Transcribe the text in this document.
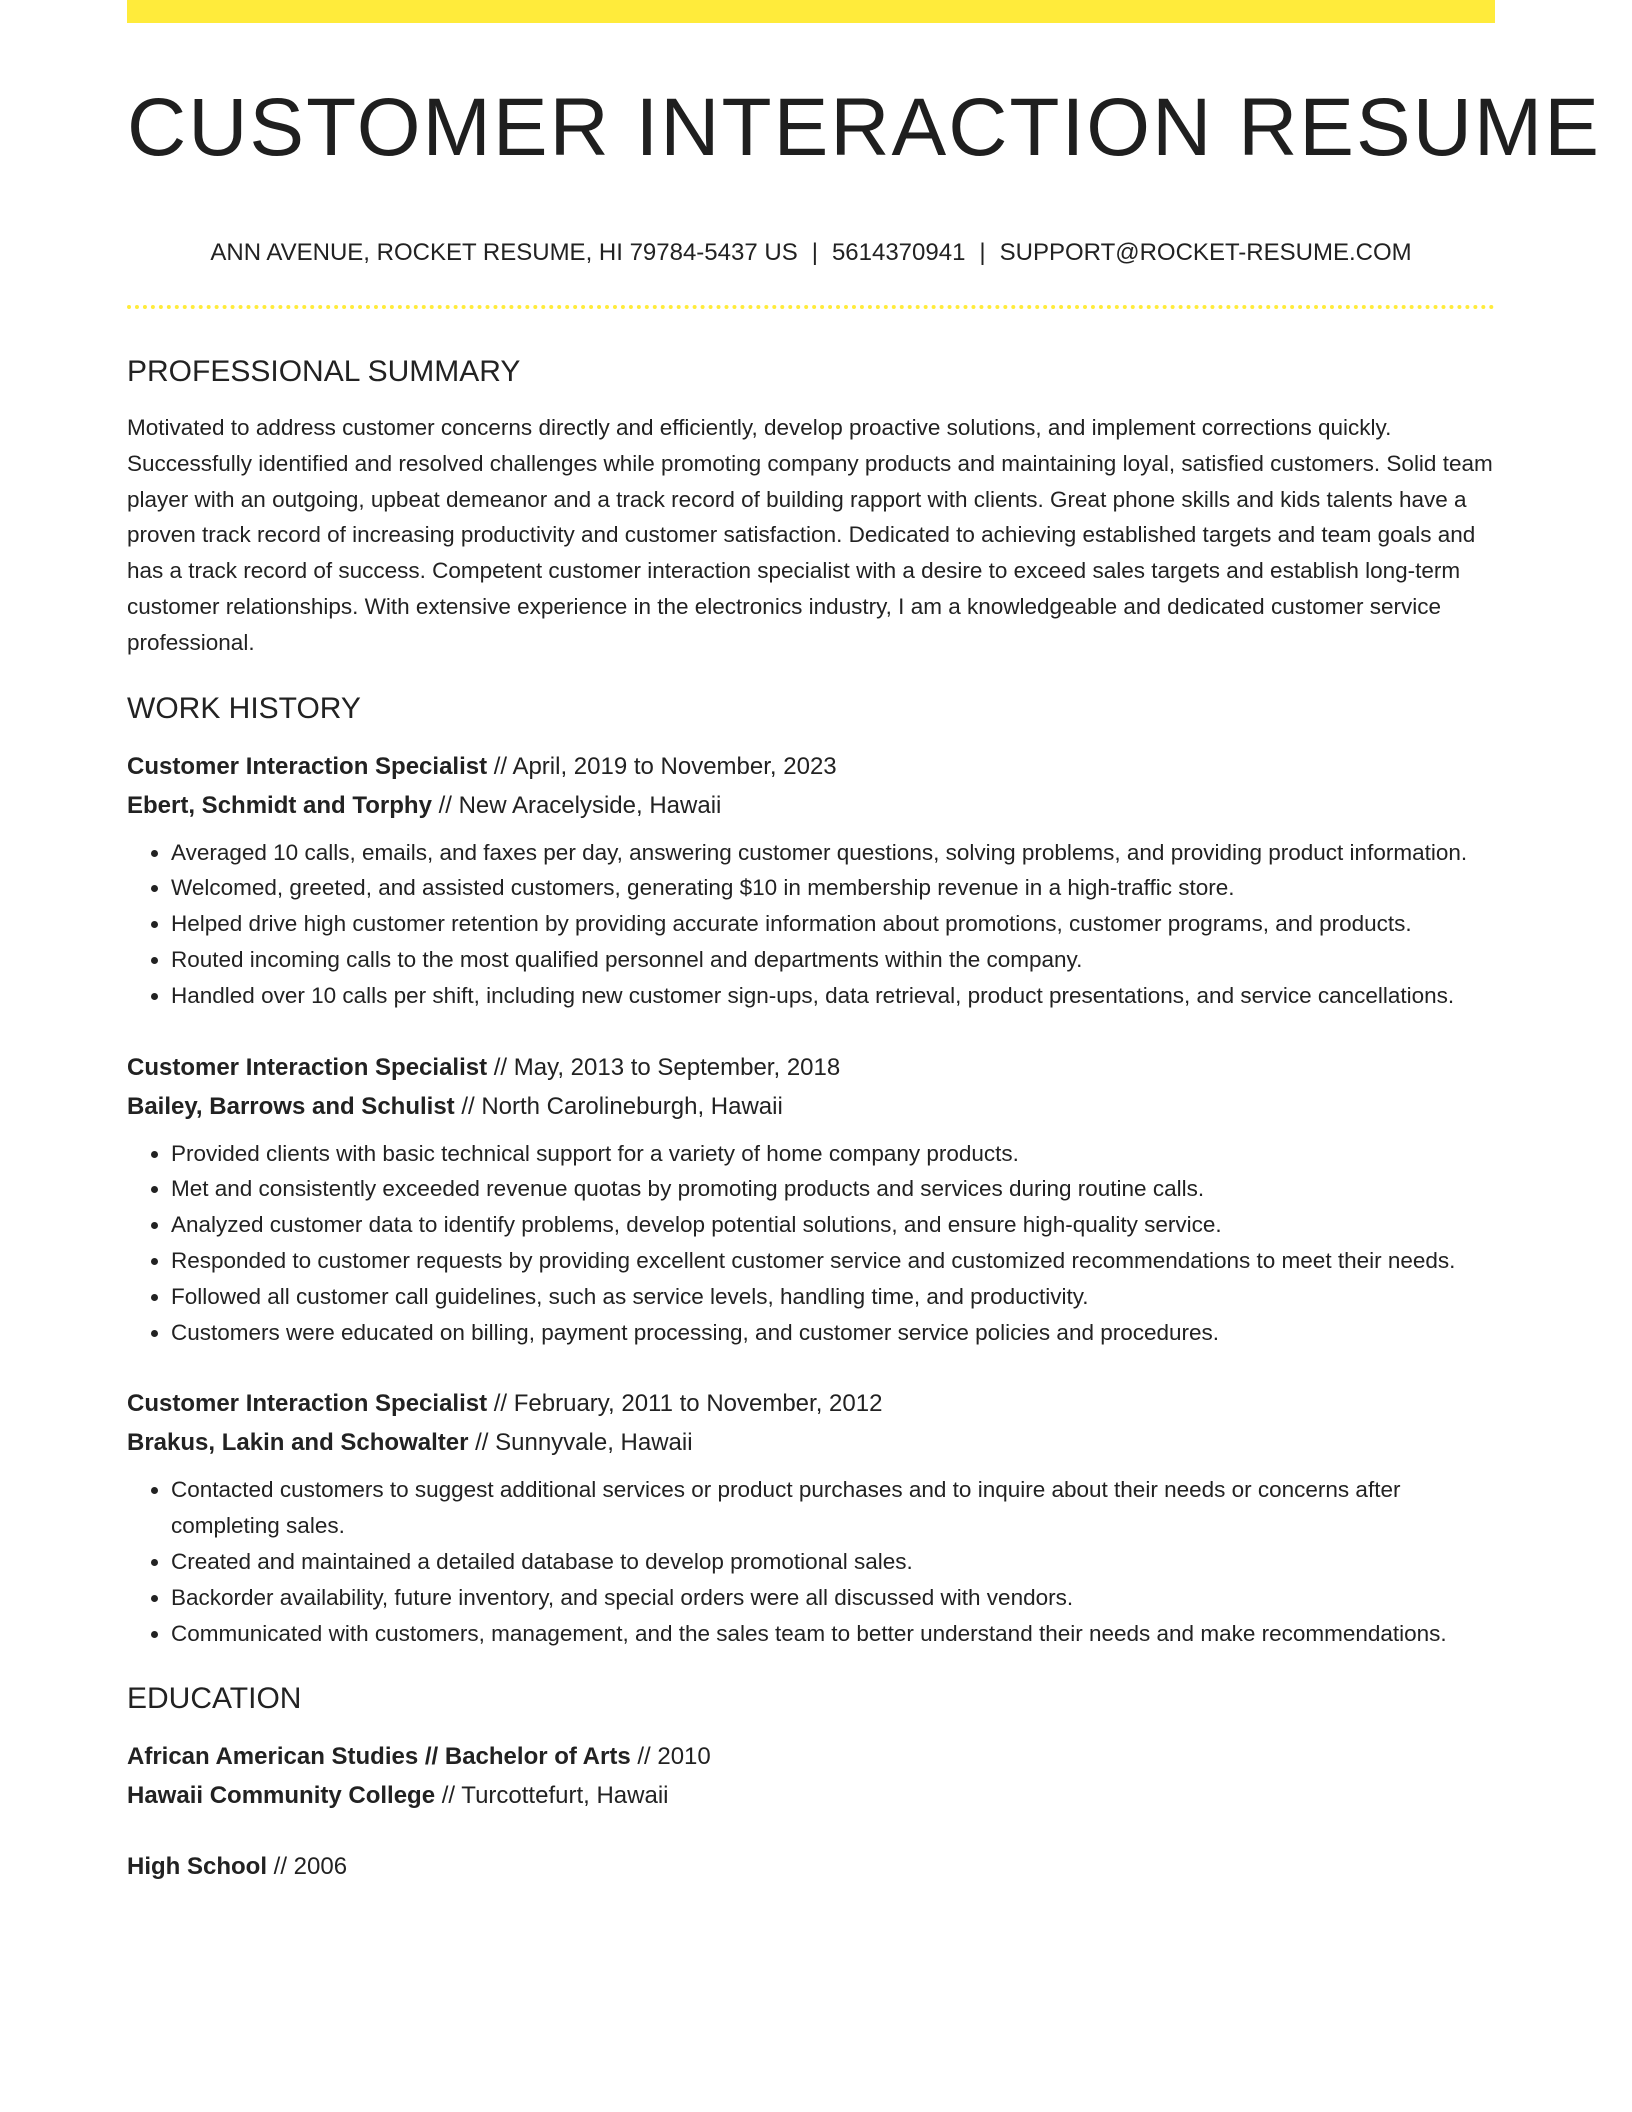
CUSTOMER INTERACTION RESUME
ANN AVENUE, ROCKET RESUME, HI 79784-5437 US | 5614370941 | SUPPORT@ROCKET-RESUME.COM
PROFESSIONAL SUMMARY

Motivated to address customer concerns directly and efficiently, develop proactive solutions, and implement corrections quickly. Successfully identified and resolved challenges while promoting company products and maintaining loyal, satisfied customers. Solid team player with an outgoing, upbeat demeanor and a track record of building rapport with clients. Great phone skills and kids talents have a proven track record of increasing productivity and customer satisfaction. Dedicated to achieving established targets and team goals and has a track record of success. Competent customer interaction specialist with a desire to exceed sales targets and establish long-term customer relationships. With extensive experience in the electronics industry, I am a knowledgeable and dedicated customer service professional.

WORK HISTORY
Customer Interaction Specialist // April, 2019 to November, 2023
Ebert, Schmidt and Torphy // New Aracelyside, Hawaii
• Averaged 10 calls, emails, and faxes per day, answering customer questions, solving problems, and providing product information.
• Welcomed, greeted, and assisted customers, generating $10 in membership revenue in a high-traffic store.
• Helped drive high customer retention by providing accurate information about promotions, customer programs, and products.
• Routed incoming calls to the most qualified personnel and departments within the company.
• Handled over 10 calls per shift, including new customer sign-ups, data retrieval, product presentations, and service cancellations.
Customer Interaction Specialist // May, 2013 to September, 2018
Bailey, Barrows and Schulist // North Carolineburgh, Hawaii
• Provided clients with basic technical support for a variety of home company products.
• Met and consistently exceeded revenue quotas by promoting products and services during routine calls.
• Analyzed customer data to identify problems, develop potential solutions, and ensure high-quality service.
• Responded to customer requests by providing excellent customer service and customized recommendations to meet their needs.
• Followed all customer call guidelines, such as service levels, handling time, and productivity.
• Customers were educated on billing, payment processing, and customer service policies and procedures.
Customer Interaction Specialist // February, 2011 to November, 2012
Brakus, Lakin and Schowalter // Sunnyvale, Hawaii
• Contacted customers to suggest additional services or product purchases and to inquire about their needs or concerns after completing sales.
• Created and maintained a detailed database to develop promotional sales.
• Backorder availability, future inventory, and special orders were all discussed with vendors.
• Communicated with customers, management, and the sales team to better understand their needs and make recommendations.
EDUCATION
African American Studies // Bachelor of Arts // 2010
Hawaii Community College // Turcottefurt, Hawaii
High School // 2006
